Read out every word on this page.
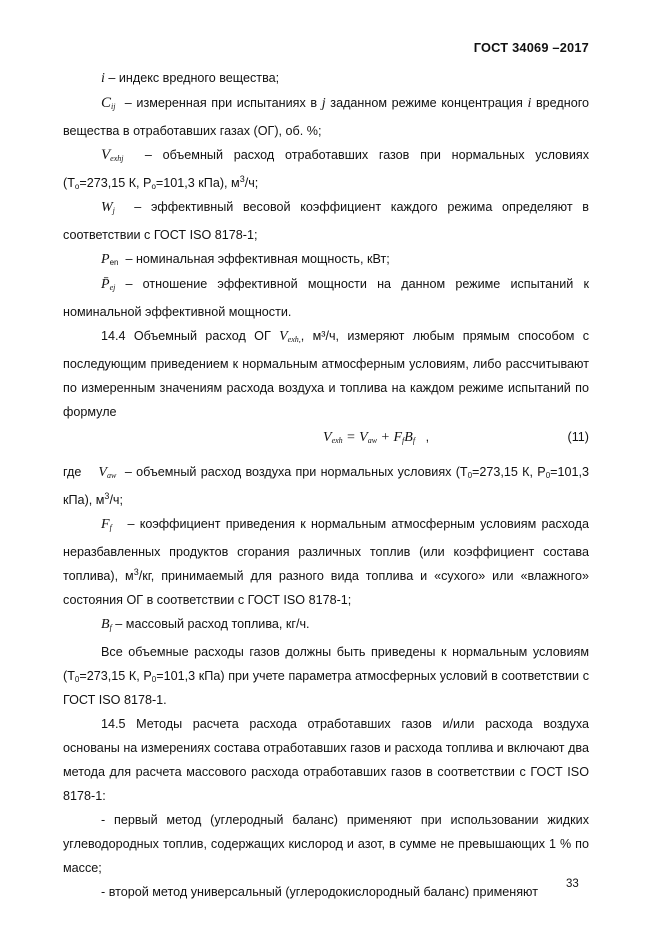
ГОСТ 34069 –2017

i – индекс вредного вещества;

Cij – измеренная при испытаниях в j заданном режиме концентрация i вредного вещества в отработавших газах (ОГ), об. %;

Vexhj – объемный расход отработавших газов при нормальных условиях ($T_o=273,15$ К, $P_o=101,3$ кПа), $м^3/ч$;

Wj – эффективный весовой коэффициент каждого режима определяют в соответствии с ГОСТ ISO 8178-1;

$P_{en}$ – номинальная эффективная мощность, кВт;

P̄ej – отношение эффективной мощности на данном режиме испытаний к номинальной эффективной мощности.

14.4 Объемный расход ОГ Vexh,, м³/ч, измеряют любым прямым способом с последующим приведением к нормальным атмосферным условиям, либо рассчитывают по измеренным значениям расхода воздуха и топлива на каждом режиме испытаний по формуле

Vexh = Vaw + FfBf   ,	(11)

где Vaw – объемный расход воздуха при нормальных условиях ($T_0=273,15$ К, $P_0=101,3$ кПа), $м^3/ч$;

Ff – коэффициент приведения к нормальным атмосферным условиям расхода неразбавленных продуктов сгорания различных топлив (или коэффициент состава топлива), $м^3/кг$, принимаемый для разного вида топлива и «сухого» или «влажного» состояния ОГ в соответствии с ГОСТ ISO 8178-1;

Bf – массовый расход топлива, кг/ч.

Все объемные расходы газов должны быть приведены к нормальным условиям ($T_0=273,15$ К, $P_0=101,3$ кПа) при учете параметра атмосферных условий в соответствии с ГОСТ ISO 8178-1.

14.5 Методы расчета расхода отработавших газов и/или расхода воздуха основаны на измерениях состава отработавших газов и расхода топлива и включают два метода для расчета массового расхода отработавших газов в соответствии с ГОСТ ISO 8178-1:

- первый метод (углеродный баланс) применяют при использовании жидких углеводородных топлив, содержащих кислород и азот, в сумме не превышающих 1 % по массе;

- второй метод универсальный (углеродокислородный баланс) применяют

33
